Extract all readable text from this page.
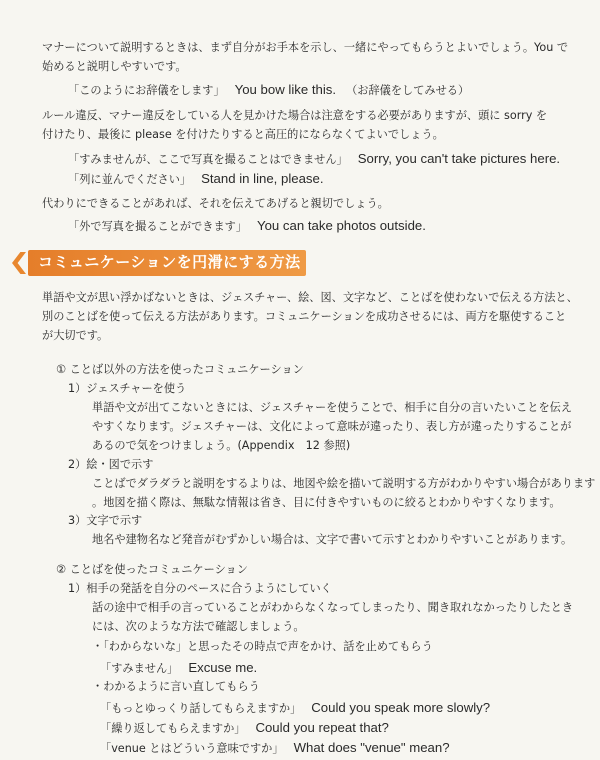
マナーについて説明するときは、まず自分がお手本を示し、一緒にやってもらうとよいでしょう。You で
始めると説明しやすいです。
「このようにお辞儀をします」 You bow like this. （お辞儀をしてみせる）
ルール違反、マナー違反をしている人を見かけた場合は注意をする必要がありますが、頭に sorry を
付けたり、最後に please を付けたりすると高圧的にならなくてよいでしょう。
「すみませんが、ここで写真を撮ることはできません」 Sorry, you can't take pictures here.
「列に並んでください」 Stand in line, please.
代わりにできることがあれば、それを伝えてあげると親切でしょう。
「外で写真を撮ることができます」 You can take photos outside.
コミュニケーションを円滑にする方法
単語や文が思い浮かばないときは、ジェスチャー、絵、図、文字など、ことばを使わないで伝える方法と、
別のことばを使って伝える方法があります。コミュニケーションを成功させるには、両方を駆使すること
が大切です。
① ことば以外の方法を使ったコミュニケーション
1）ジェスチャーを使う
単語や文が出てこないときには、ジェスチャーを使うことで、相手に自分の言いたいことを伝え
やすくなります。ジェスチャーは、文化によって意味が違ったり、表し方が違ったりすることが
あるので気をつけましょう。(Appendix　12 参照)
2）絵・図で示す
ことばでダラダラと説明をするよりは、地図や絵を描いて説明する方がわかりやすい場合があります
。地図を描く際は、無駄な情報は省き、目に付きやすいものに絞るとわかりやすくなります。
3）文字で示す
地名や建物名など発音がむずかしい場合は、文字で書いて示すとわかりやすいことがあります。
② ことばを使ったコミュニケーション
1）相手の発話を自分のペースに合うようにしていく
話の途中で相手の言っていることがわからなくなってしまったり、聞き取れなかったりしたとき
には、次のような方法で確認しましょう。
・「わからないな」と思ったその時点で声をかけ、話を止めてもらう
「すみません」 Excuse me.
・わかるように言い直してもらう
「もっとゆっくり話してもらえますか」 Could you speak more slowly?
「繰り返してもらえますか」 Could you repeat that?
「venue とはどういう意味ですか」 What does "venue" mean?
